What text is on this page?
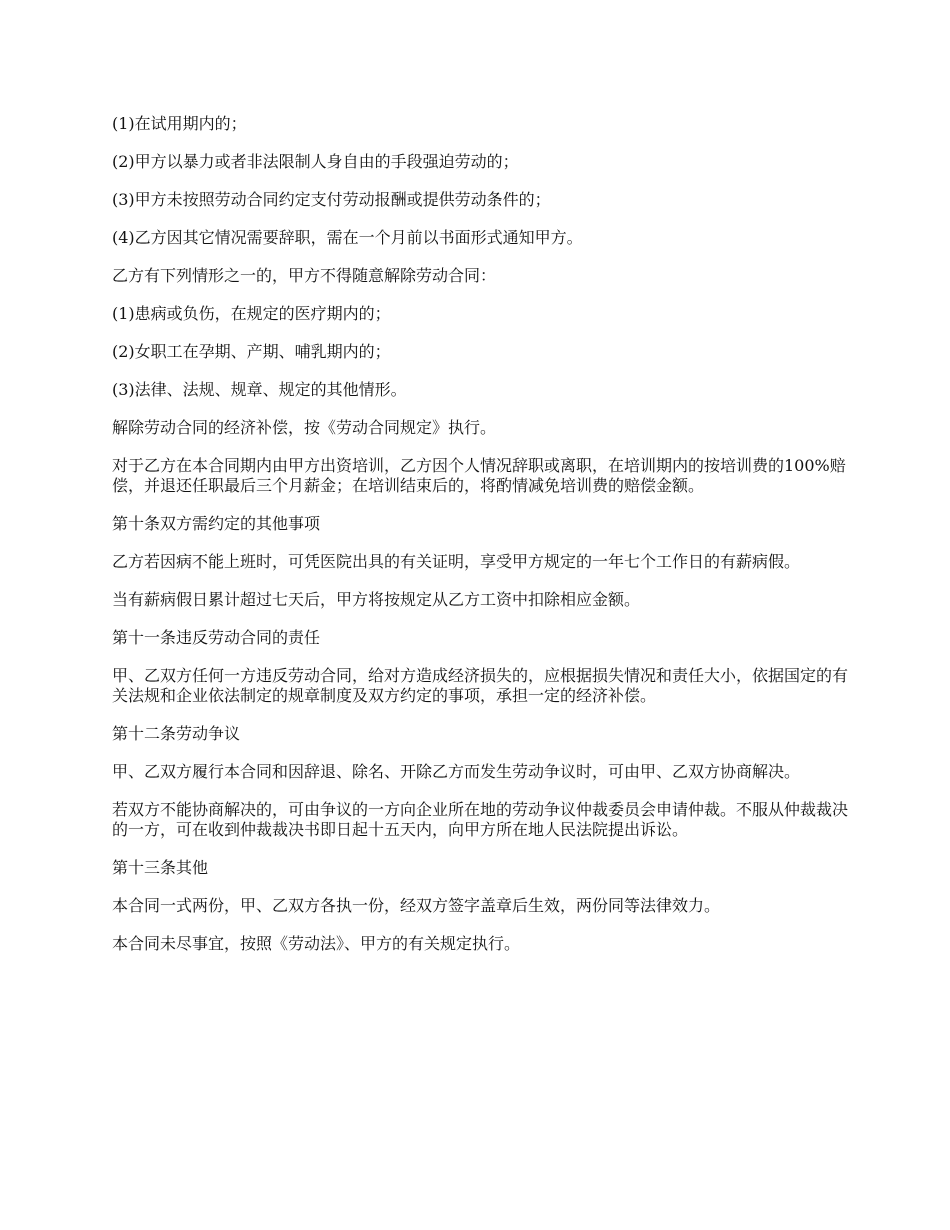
(1)在试用期内的；

(2)甲方以暴力或者非法限制人身自由的手段强迫劳动的；

(3)甲方未按照劳动合同约定支付劳动报酬或提供劳动条件的；

(4)乙方因其它情况需要辞职，需在一个月前以书面形式通知甲方。

乙方有下列情形之一的，甲方不得随意解除劳动合同：

(1)患病或负伤，在规定的医疗期内的；

(2)女职工在孕期、产期、哺乳期内的；

(3)法律、法规、规章、规定的其他情形。

解除劳动合同的经济补偿，按《劳动合同规定》执行。

对于乙方在本合同期内由甲方出资培训，乙方因个人情况辞职或离职，在培训期内的按培训费的100%赔偿，并退还任职最后三个月薪金；在培训结束后的，将酌情减免培训费的赔偿金额。

第十条双方需约定的其他事项

乙方若因病不能上班时，可凭医院出具的有关证明，享受甲方规定的一年七个工作日的有薪病假。

当有薪病假日累计超过七天后，甲方将按规定从乙方工资中扣除相应金额。

第十一条违反劳动合同的责任

甲、乙双方任何一方违反劳动合同，给对方造成经济损失的，应根据损失情况和责任大小，依据国定的有关法规和企业依法制定的规章制度及双方约定的事项，承担一定的经济补偿。

第十二条劳动争议

甲、乙双方履行本合同和因辞退、除名、开除乙方而发生劳动争议时，可由甲、乙双方协商解决。

若双方不能协商解决的，可由争议的一方向企业所在地的劳动争议仲裁委员会申请仲裁。不服从仲裁裁决的一方，可在收到仲裁裁决书即日起十五天内，向甲方所在地人民法院提出诉讼。

第十三条其他

本合同一式两份，甲、乙双方各执一份，经双方签字盖章后生效，两份同等法律效力。

本合同未尽事宜，按照《劳动法》、甲方的有关规定执行。
